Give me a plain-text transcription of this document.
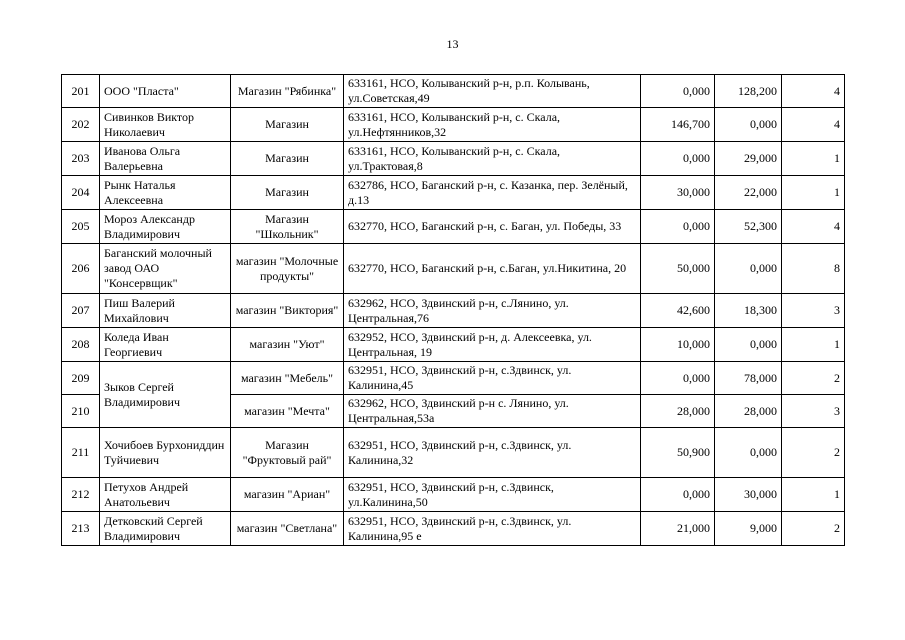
13
201	ООО "Пласта"	Магазин "Рябинка"	633161, НСО, Колыванский р-н, р.п. Колывань, ул.Советская,49	0,000	128,200	4
202	Сивинков Виктор Николаевич	Магазин	633161, НСО, Колыванский р-н, с. Скала, ул.Нефтянников,32	146,700	0,000	4
203	Иванова Ольга Валерьевна	Магазин	633161, НСО, Колыванский р-н, с. Скала, ул.Трактовая,8	0,000	29,000	1
204	Рынк Наталья Алексеевна	Магазин	632786, НСО, Баганский р-н, с. Казанка, пер. Зелёный, д.13	30,000	22,000	1
205	Мороз Александр Владимирович	Магазин "Школьник"	632770, НСО, Баганский р-н, с. Баган, ул. Победы, 33	0,000	52,300	4
206	Баганский молочный завод ОАО "Консервщик"	магазин "Молочные продукты"	632770, НСО, Баганский р-н, с.Баган, ул.Никитина, 20	50,000	0,000	8
207	Пиш Валерий Михайлович	магазин "Виктория"	632962, НСО, Здвинский р-н, с.Лянино, ул. Центральная,76	42,600	18,300	3
208	Коледа Иван Георгиевич	магазин "Уют"	632952, НСО, Здвинский р-н, д. Алексеевка, ул. Центральная, 19	10,000	0,000	1
209	Зыков Сергей Владимирович	магазин "Мебель"	632951, НСО, Здвинский р-н, с.Здвинск, ул. Калинина,45	0,000	78,000	2
210		магазин "Мечта"	632962, НСО, Здвинский р-н с. Лянино, ул. Центральная,53а	28,000	28,000	3
211	Хочибоев Бурхониддин Туйчиевич	Магазин "Фруктовый рай"	632951, НСО, Здвинский р-н, с.Здвинск, ул. Калинина,32	50,900	0,000	2
212	Петухов Андрей Анатольевич	магазин "Ариан"	632951, НСО, Здвинский р-н, с.Здвинск, ул.Калинина,50	0,000	30,000	1
213	Детковский Сергей Владимирович	магазин "Светлана"	632951, НСО, Здвинский р-н, с.Здвинск, ул. Калинина,95 е	21,000	9,000	2
